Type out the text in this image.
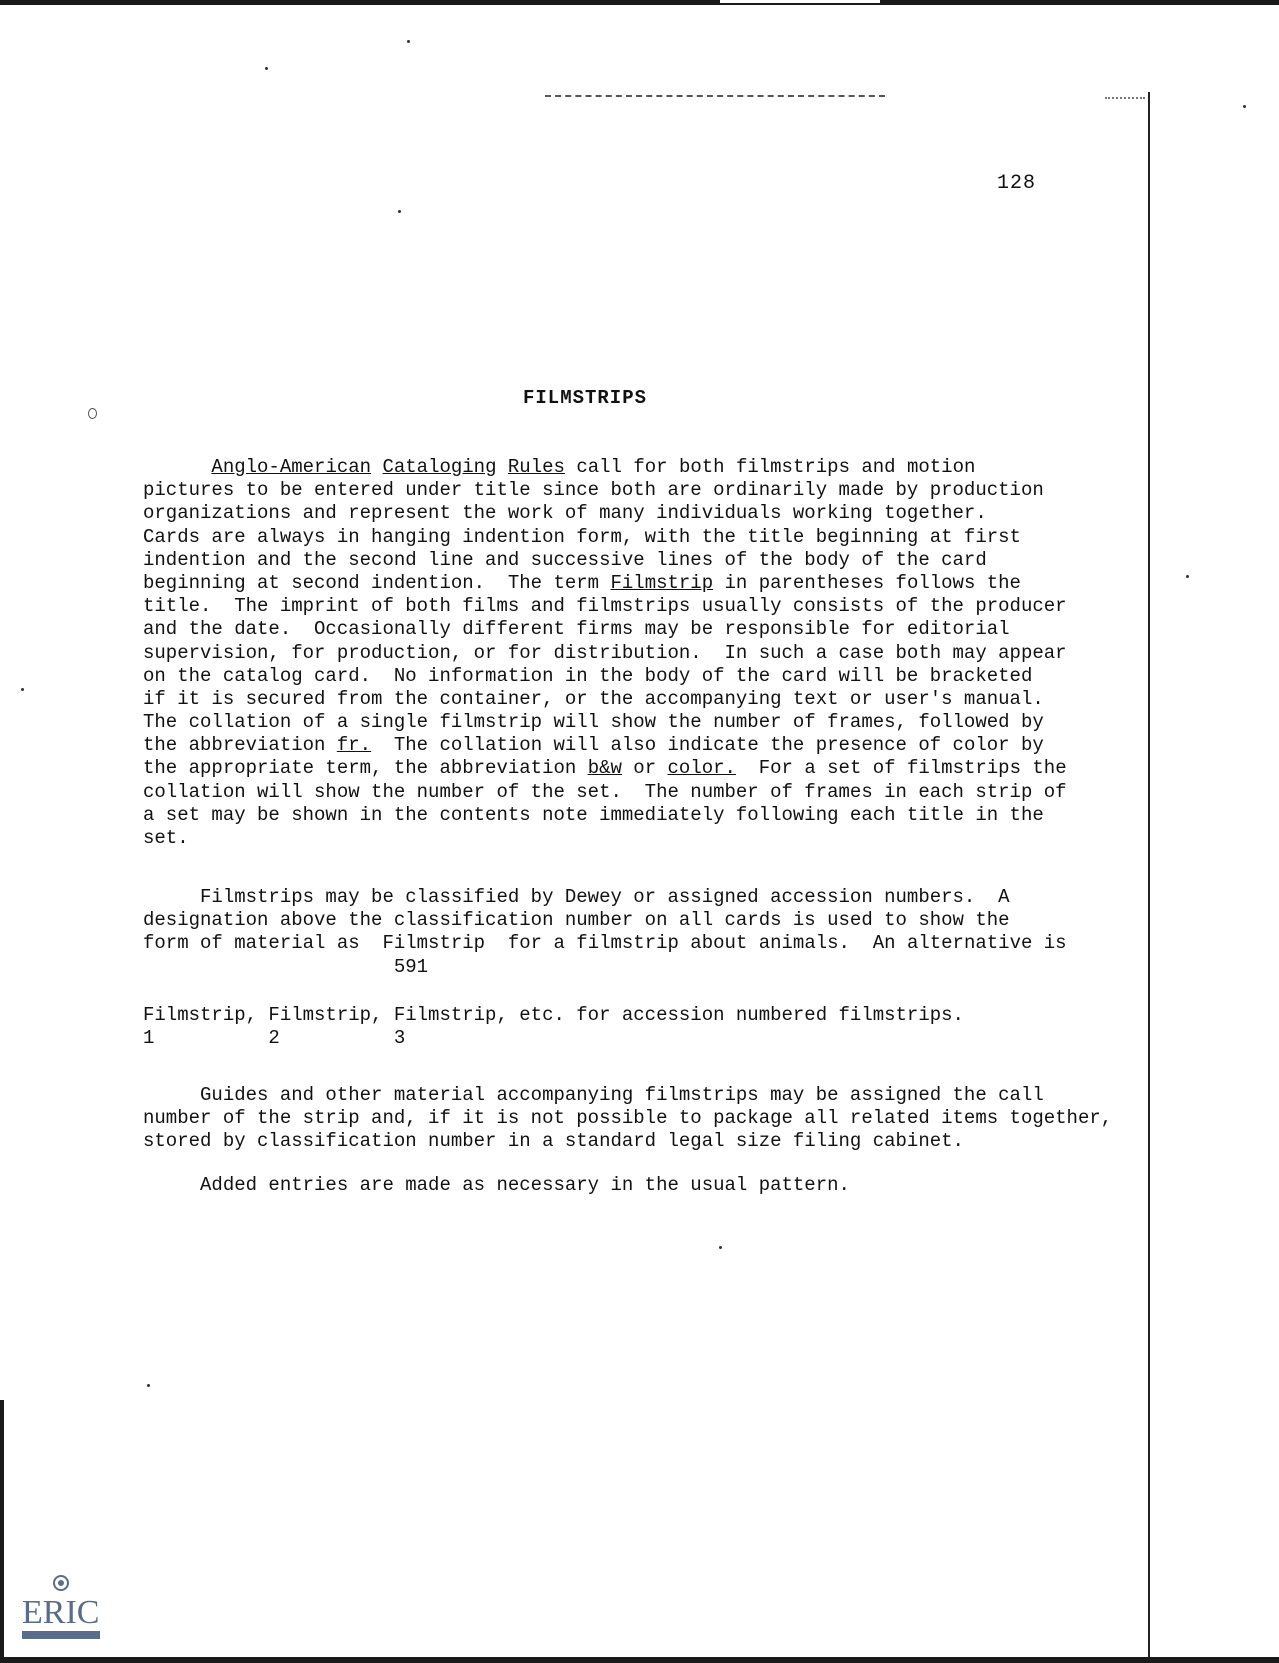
128
FILMSTRIPS
Anglo-American Cataloging Rules call for both filmstrips and motion
pictures to be entered under title since both are ordinarily made by production
organizations and represent the work of many individuals working together.
Cards are always in hanging indention form, with the title beginning at first
indention and the second line and successive lines of the body of the card
beginning at second indention.  The term Filmstrip in parentheses follows the
title.  The imprint of both films and filmstrips usually consists of the producer
and the date.  Occasionally different firms may be responsible for editorial
supervision, for production, or for distribution.  In such a case both may appear
on the catalog card.  No information in the body of the card will be bracketed
if it is secured from the container, or the accompanying text or user's manual.
The collation of a single filmstrip will show the number of frames, followed by
the abbreviation fr.  The collation will also indicate the presence of color by
the appropriate term, the abbreviation b&w or color.  For a set of filmstrips the
collation will show the number of the set.  The number of frames in each strip of
a set may be shown in the contents note immediately following each title in the
set.
Filmstrips may be classified by Dewey or assigned accession numbers.  A
designation above the classification number on all cards is used to show the
form of material as  Filmstrip  for a filmstrip about animals.  An alternative is
591
Filmstrip, Filmstrip, Filmstrip, etc. for accession numbered filmstrips.
1          2          3
Guides and other material accompanying filmstrips may be assigned the call
number of the strip and, if it is not possible to package all related items together,
stored by classification number in a standard legal size filing cabinet.
Added entries are made as necessary in the usual pattern.
ERIC
